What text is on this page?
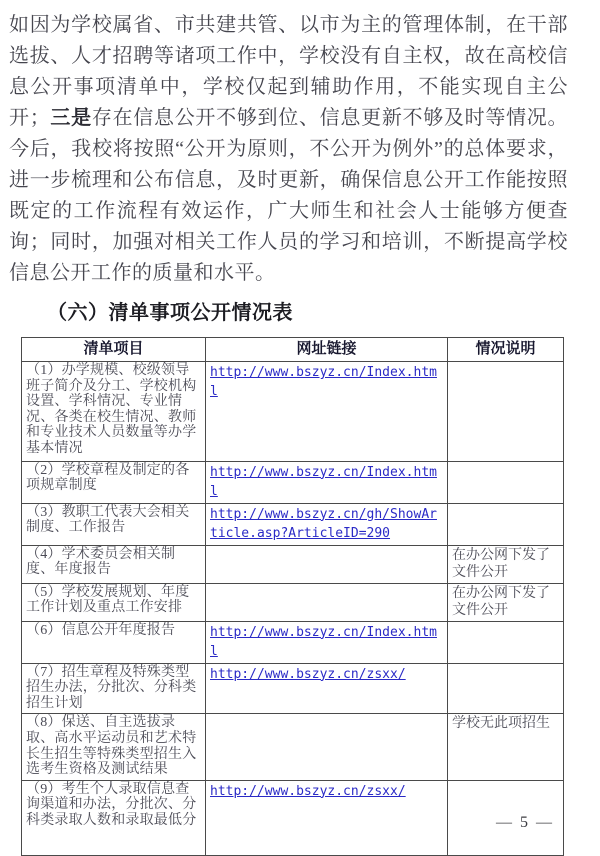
如因为学校属省、市共建共管、以市为主的管理体制，在干部选拔、人才招聘等诸项工作中，学校没有自主权，故在高校信息公开事项清单中，学校仅起到辅助作用，不能实现自主公开；三是存在信息公开不够到位、信息更新不够及时等情况。今后，我校将按照“公开为原则，不公开为例外”的总体要求，进一步梳理和公布信息，及时更新，确保信息公开工作能按照既定的工作流程有效运作，广大师生和社会人士能够方便查询；同时，加强对相关工作人员的学习和培训，不断提高学校信息公开工作的质量和水平。

（六）清单事项公开情况表
清单项目	网址链接	情况说明
（1）办学规模、校级领导班子简介及分工、学校机构设置、学科情况、专业情况、各类在校生情况、教师和专业技术人员数量等办学基本情况	http://www.bszyz.cn/Index.html	
（2）学校章程及制定的各项规章制度	http://www.bszyz.cn/Index.html	
（3）教职工代表大会相关制度、工作报告	http://www.bszyz.cn/gh/ShowArticle.asp?ArticleID=290	
（4）学术委员会相关制度、年度报告		在办公网下发了文件公开
（5）学校发展规划、年度工作计划及重点工作安排		在办公网下发了文件公开
（6）信息公开年度报告	http://www.bszyz.cn/Index.html	
（7）招生章程及特殊类型招生办法，分批次、分科类招生计划	http://www.bszyz.cn/zsxx/	
（8）保送、自主选拔录取、高水平运动员和艺术特长生招生等特殊类型招生入选考生资格及测试结果		学校无此项招生
（9）考生个人录取信息查询渠道和办法，分批次、分科类录取人数和录取最低分	http://www.bszyz.cn/zsxx/	
— 5 —
